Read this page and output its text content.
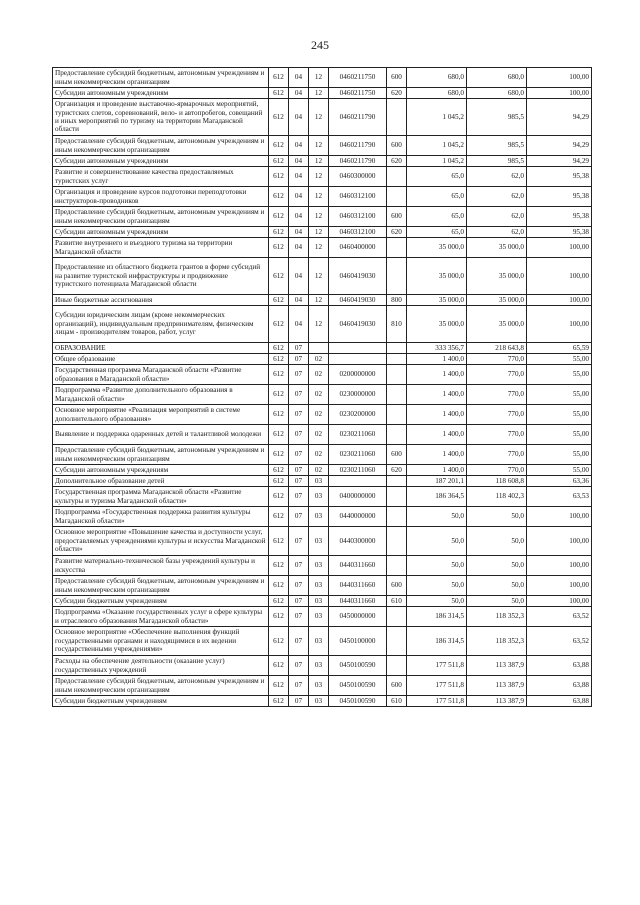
245
Предоставление субсидий бюджетным, автономным учреждениям и иным некоммерческим организациям	612	04	12	0460211750	600	680,0	680,0	100,00
Субсидии автономным учреждениям	612	04	12	0460211750	620	680,0	680,0	100,00
Организация и проведение выставочно-ярмарочных мероприятий, туристских слетов, соревнований, вело- и автопробегов, совещаний и иных мероприятий по туризму на территории Магаданской области	612	04	12	0460211790		1 045,2	985,5	94,29
Предоставление субсидий бюджетным, автономным учреждениям и иным некоммерческим организациям	612	04	12	0460211790	600	1 045,2	985,5	94,29
Субсидии автономным учреждениям	612	04	12	0460211790	620	1 045,2	985,5	94,29
Развитие и совершенствование качества предоставляемых туристских услуг	612	04	12	0460300000		65,0	62,0	95,38
Организация и проведение курсов подготовки переподготовки инструкторов-проводников	612	04	12	0460312100		65,0	62,0	95,38
Предоставление субсидий бюджетным, автономным учреждениям и иным некоммерческим организациям	612	04	12	0460312100	600	65,0	62,0	95,38
Субсидии автономным учреждениям	612	04	12	0460312100	620	65,0	62,0	95,38
Развитие внутреннего и въездного туризма на территории Магаданской области	612	04	12	0460400000		35 000,0	35 000,0	100,00
Предоставление из областного бюджета грантов в форме субсидий на развитие туристской инфраструктуры и продвижение туристского потенциала Магаданской области	612	04	12	0460419030		35 000,0	35 000,0	100,00
Иные бюджетные ассигнования	612	04	12	0460419030	800	35 000,0	35 000,0	100,00
Субсидии юридическим лицам (кроме некоммерческих организаций), индивидуальным предпринимателям, физическим лицам - производителям товаров, работ, услуг	612	04	12	0460419030	810	35 000,0	35 000,0	100,00
ОБРАЗОВАНИЕ	612	07				333 356,7	218 643,8	65,59
Общее образование	612	07	02			1 400,0	770,0	55,00
Государственная программа Магаданской области «Развитие образования в Магаданской области»	612	07	02	0200000000		1 400,0	770,0	55,00
Подпрограмма «Развитие дополнительного образования в Магаданской области»	612	07	02	0230000000		1 400,0	770,0	55,00
Основное мероприятие «Реализация мероприятий в системе дополнительного образования»	612	07	02	0230200000		1 400,0	770,0	55,00
Выявление и поддержка одаренных детей и талантливой молодежи	612	07	02	0230211060		1 400,0	770,0	55,00
Предоставление субсидий бюджетным, автономным учреждениям и иным некоммерческим организациям	612	07	02	0230211060	600	1 400,0	770,0	55,00
Субсидии автономным учреждениям	612	07	02	0230211060	620	1 400,0	770,0	55,00
Дополнительное образование детей	612	07	03			187 201,1	118 608,8	63,36
Государственная программа Магаданской области «Развитие культуры и туризма Магаданской области»	612	07	03	0400000000		186 364,5	118 402,3	63,53
Подпрограмма «Государственная поддержка развития культуры Магаданской области»	612	07	03	0440000000		50,0	50,0	100,00
Основное мероприятие «Повышение качества и доступности услуг, предоставляемых учреждениями культуры и искусства Магаданской области»	612	07	03	0440300000		50,0	50,0	100,00
Развитие материально-технической базы учреждений культуры и искусства	612	07	03	0440311660		50,0	50,0	100,00
Предоставление субсидий бюджетным, автономным учреждениям и иным некоммерческим организациям	612	07	03	0440311660	600	50,0	50,0	100,00
Субсидии бюджетным учреждениям	612	07	03	0440311660	610	50,0	50,0	100,00
Подпрограмма «Оказание государственных услуг в сфере культуры и отраслевого образования Магаданской области»	612	07	03	0450000000		186 314,5	118 352,3	63,52
Основное мероприятие «Обеспечение выполнения функций государственными органами и находящимися в их ведении государственными учреждениями»	612	07	03	0450100000		186 314,5	118 352,3	63,52
Расходы на обеспечение деятельности (оказание услуг) государственных учреждений	612	07	03	0450100590		177 511,8	113 387,9	63,88
Предоставление субсидий бюджетным, автономным учреждениям и иным некоммерческим организациям	612	07	03	0450100590	600	177 511,8	113 387,9	63,88
Субсидии бюджетным учреждениям	612	07	03	0450100590	610	177 511,8	113 387,9	63,88
